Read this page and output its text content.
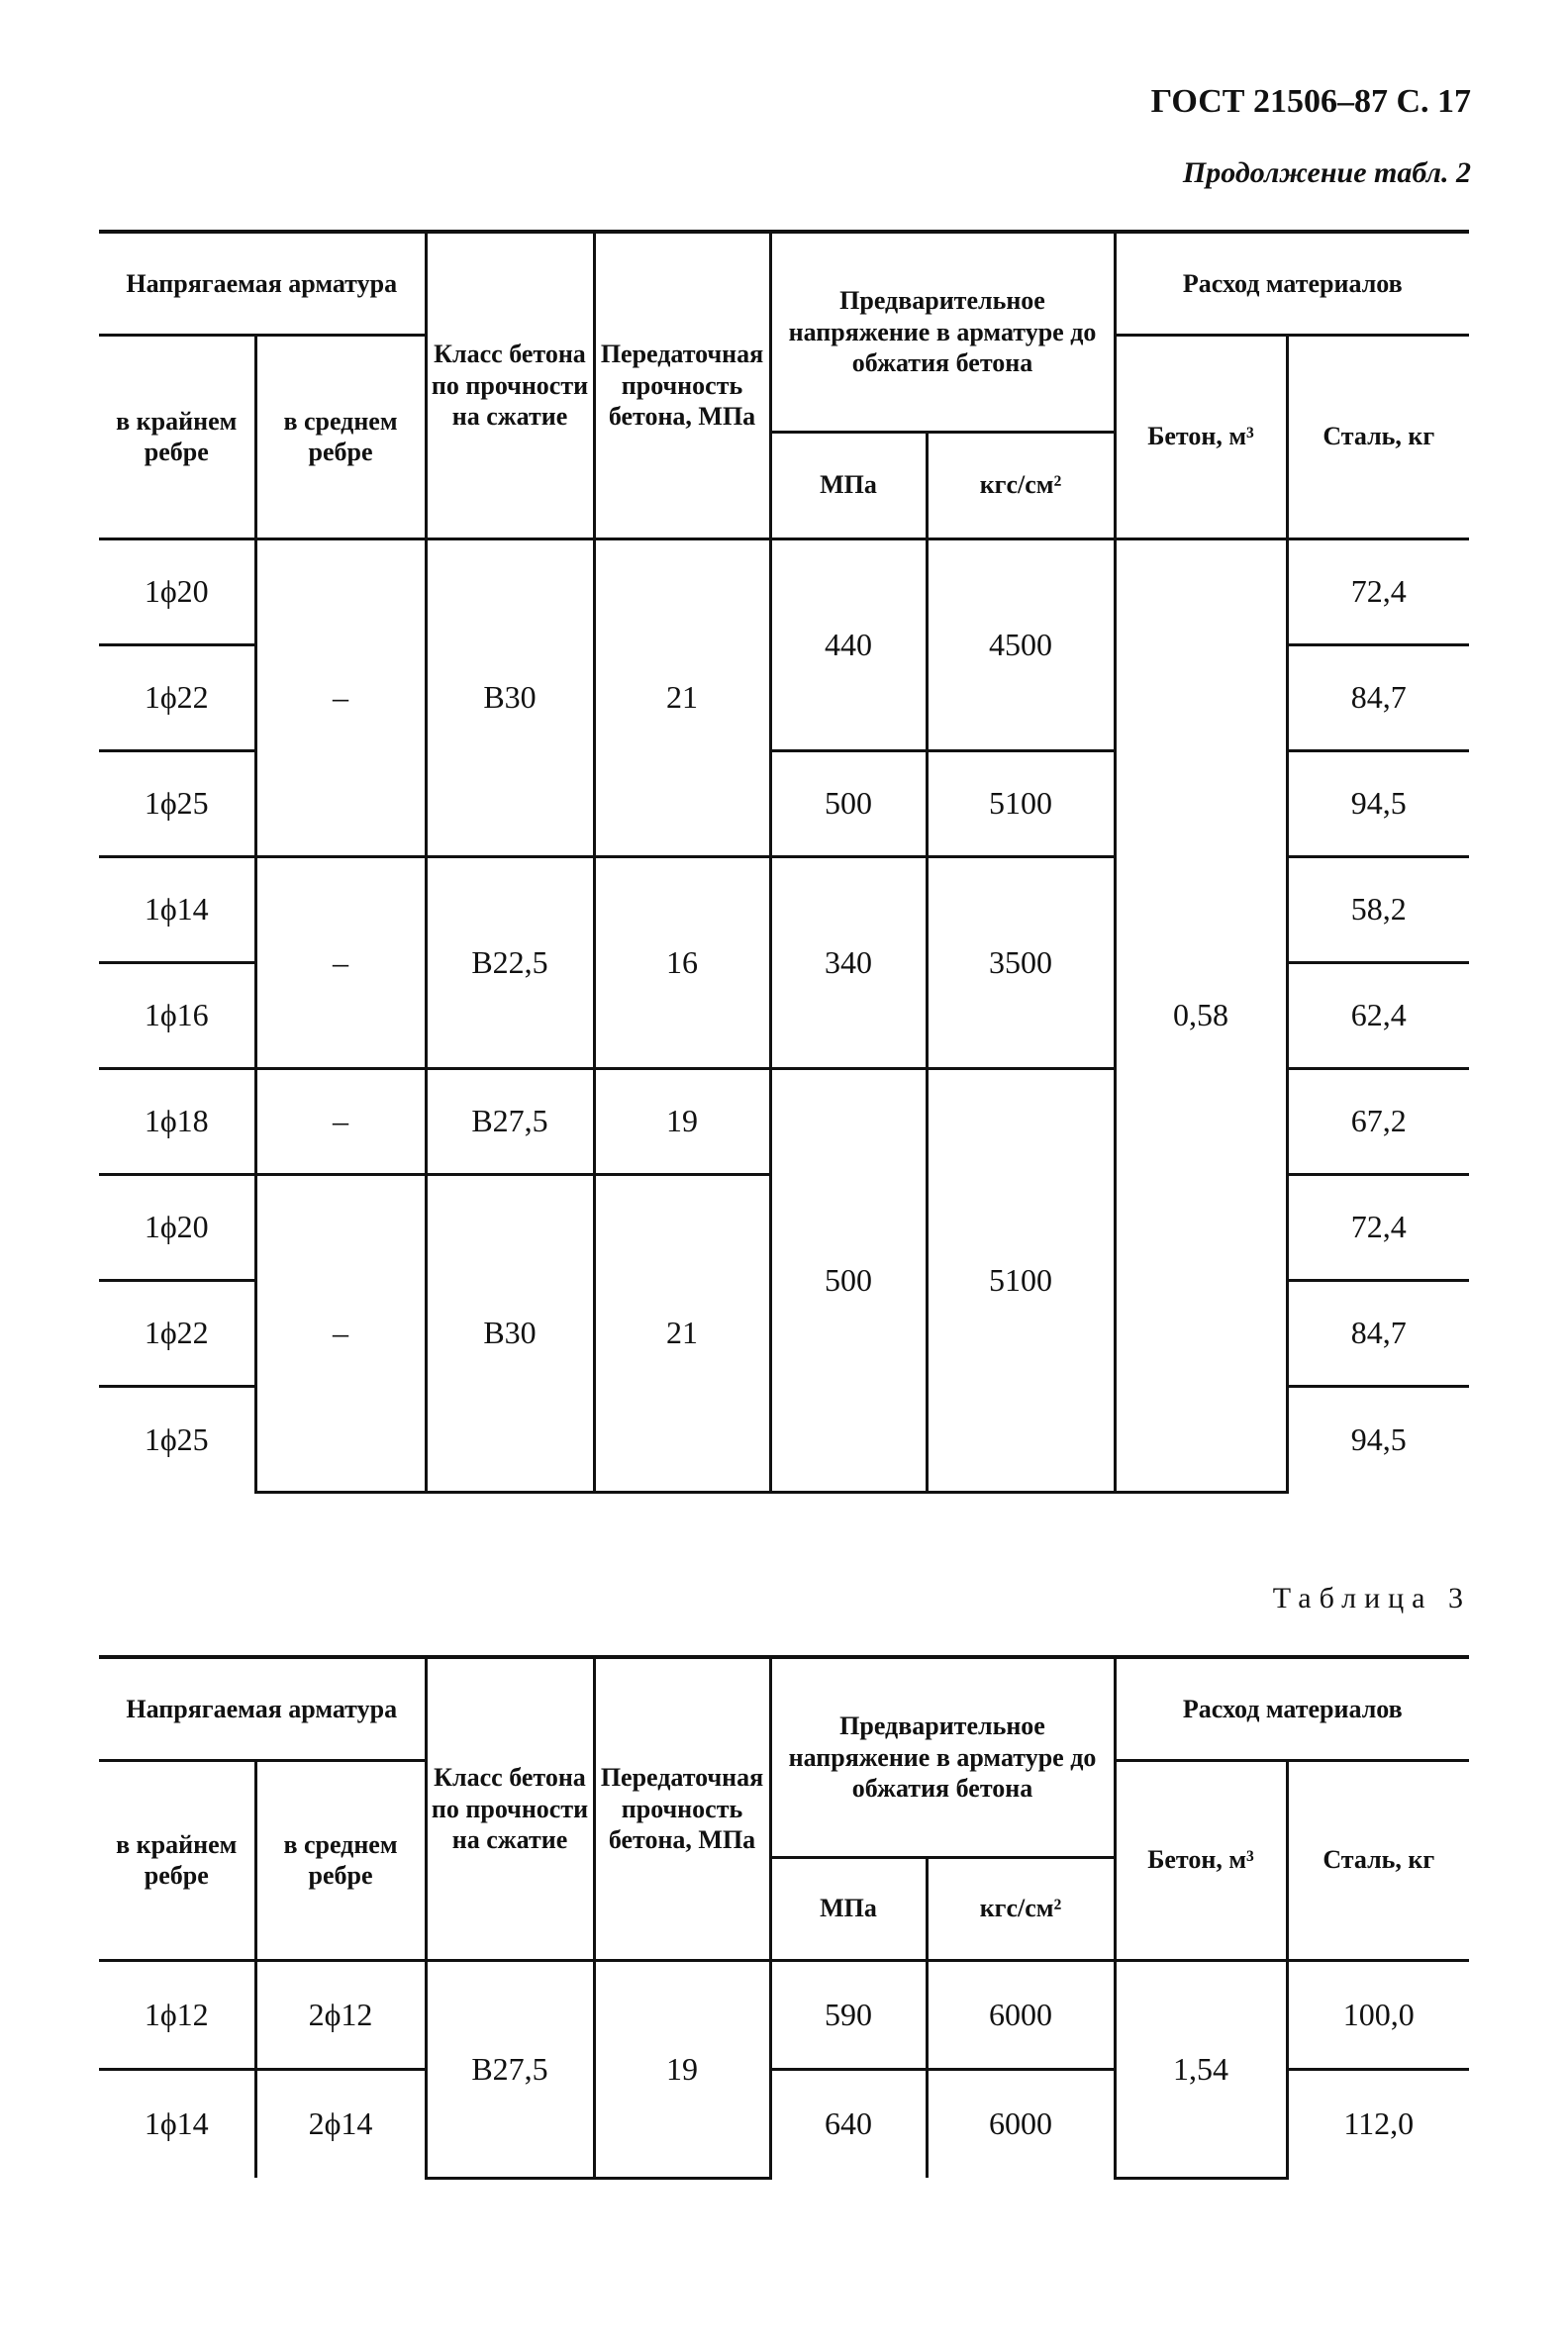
ГОСТ 21506–87 С. 17
Продолжение табл. 2
Напрягаемая арматура		Класс бетона по прочности на сжатие	Передаточная прочность бетона, МПа	Предварительное напряжение в арматуре до обжатия бетона		Расход материалов	
в крайнем ребре	в среднем ребре					Бетон, м³	Сталь, кг
				МПа	кгс/см²		
1ϕ20	–	В30	21	440	4500	0,58	72,4
1ϕ22							84,7
1ϕ25				500	5100		94,5
1ϕ14	–	В22,5	16	340	3500		58,2
1ϕ16							62,4
1ϕ18	–	В27,5	19	500	5100		67,2
1ϕ20	–	В30	21				72,4
1ϕ22							84,7
1ϕ25							94,5
Таблица 3
Напрягаемая арматура		Класс бетона по прочности на сжатие	Передаточная прочность бетона, МПа	Предварительное напряжение в арматуре до обжатия бетона		Расход материалов	
в крайнем ребре	в среднем ребре					Бетон, м³	Сталь, кг
				МПа	кгс/см²		
1ϕ12	2ϕ12	В27,5	19	590	6000	1,54	100,0
1ϕ14	2ϕ14			640	6000		112,0
